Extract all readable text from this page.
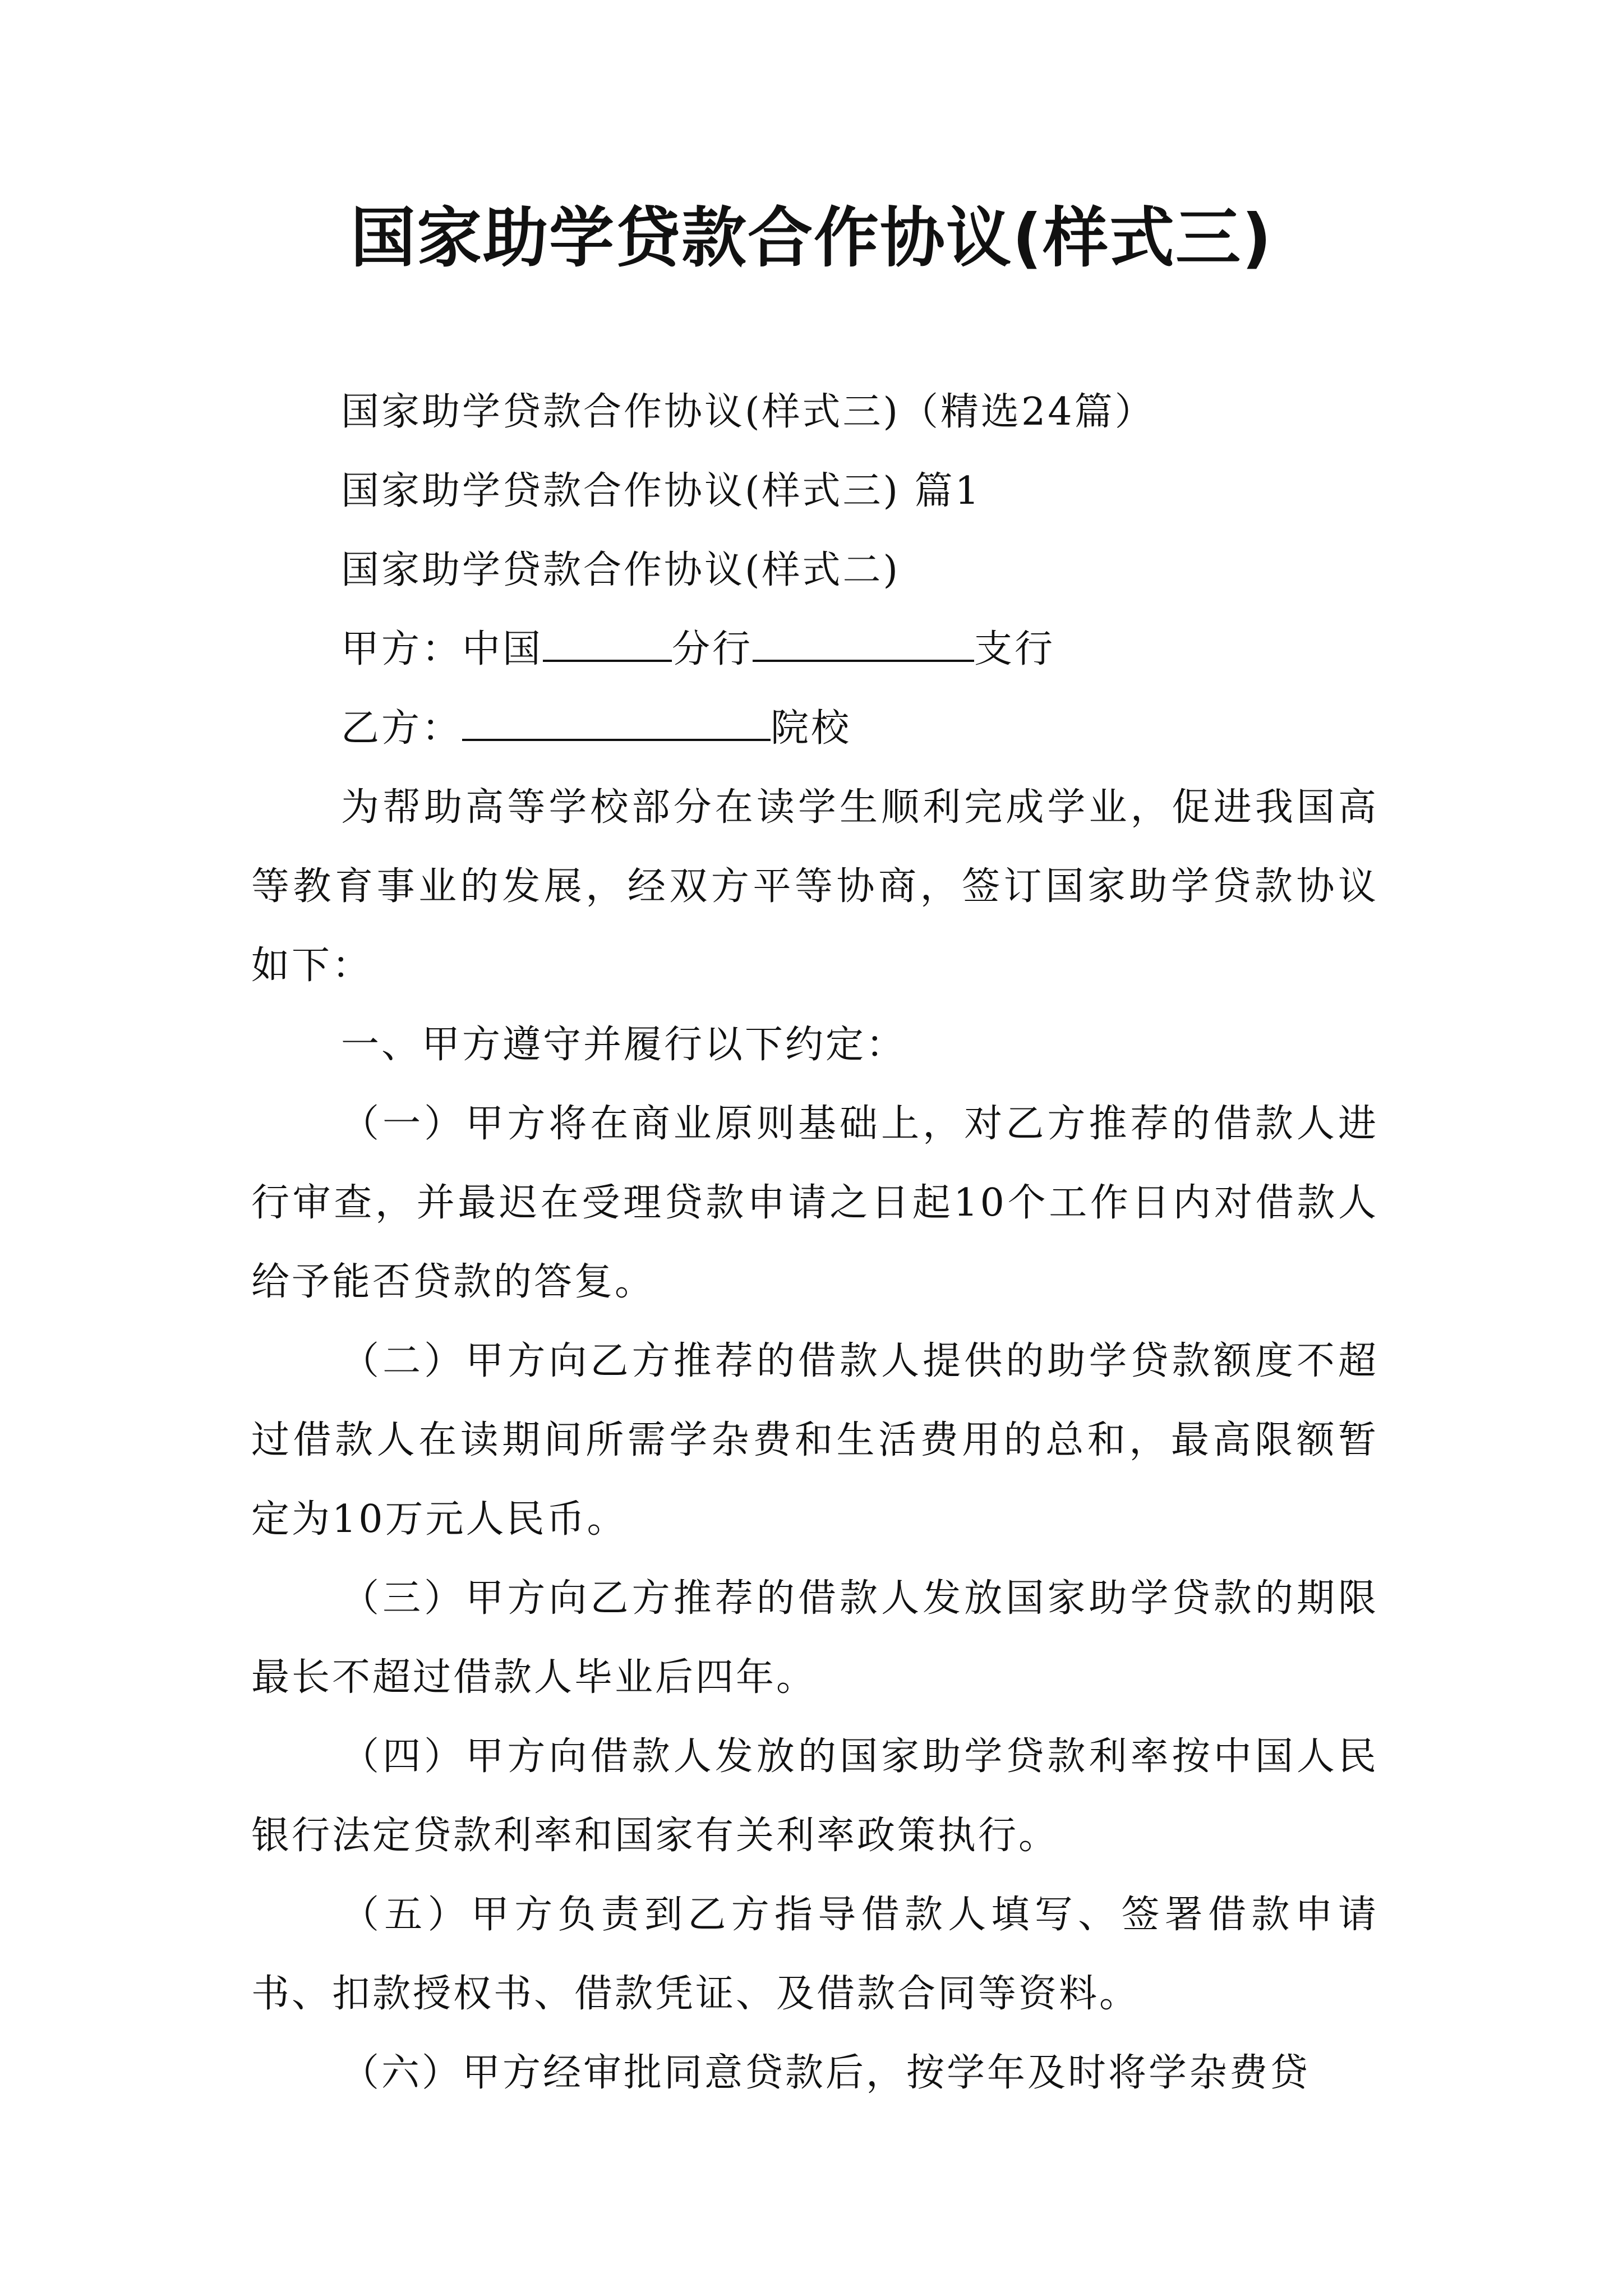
国家助学贷款合作协议(样式三)

国家助学贷款合作协议(样式三)（精选24篇）

国家助学贷款合作协议(样式三) 篇1

国家助学贷款合作协议(样式二)

甲方：中国	分行	支行

乙方：	院校

为帮助高等学校部分在读学生顺利完成学业，促进我国高等教育事业的发展，经双方平等协商，签订国家助学贷款协议如下：

一、甲方遵守并履行以下约定：

（一）甲方将在商业原则基础上，对乙方推荐的借款人进行审查，并最迟在受理贷款申请之日起10个工作日内对借款人给予能否贷款的答复。

（二）甲方向乙方推荐的借款人提供的助学贷款额度不超过借款人在读期间所需学杂费和生活费用的总和，最高限额暂定为10万元人民币。

（三）甲方向乙方推荐的借款人发放国家助学贷款的期限最长不超过借款人毕业后四年。

（四）甲方向借款人发放的国家助学贷款利率按中国人民银行法定贷款利率和国家有关利率政策执行。

（五）甲方负责到乙方指导借款人填写、签署借款申请书、扣款授权书、借款凭证、及借款合同等资料。

（六）甲方经审批同意贷款后，按学年及时将学杂费贷
